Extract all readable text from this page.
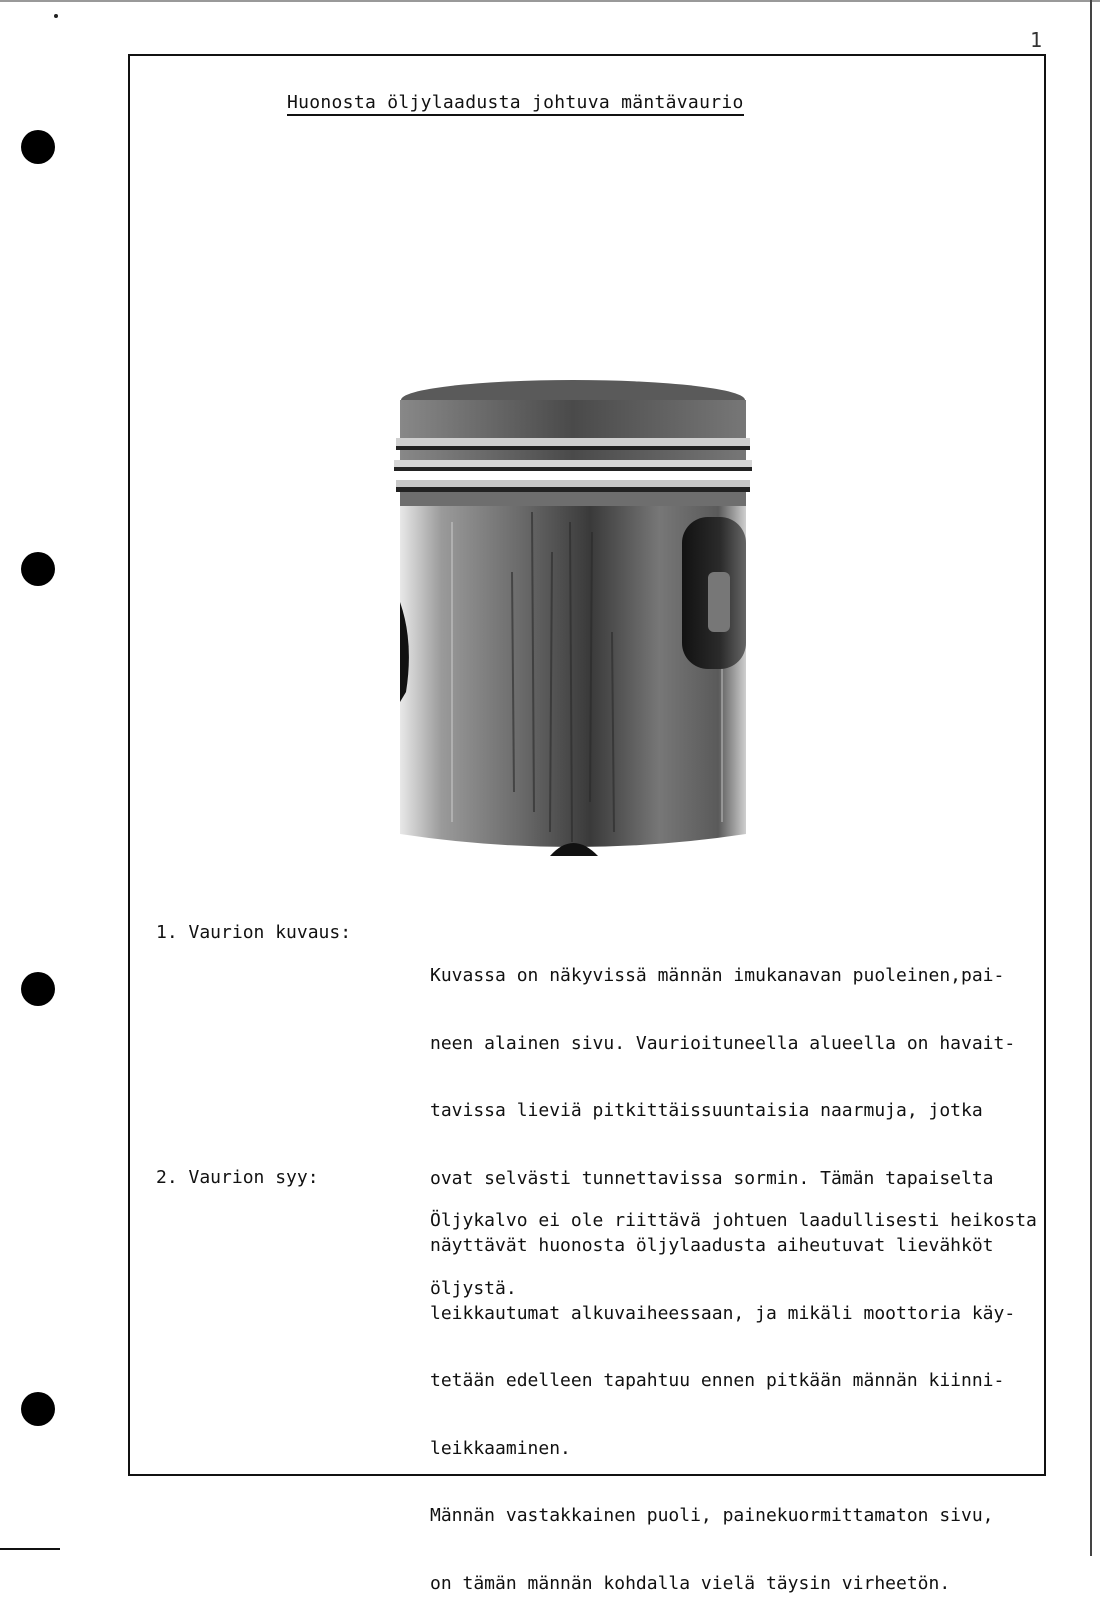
1
Huonosta öljylaadusta johtuva mäntävaurio
1. Vaurion kuvaus:

Kuvassa on näkyvissä männän imukanavan puoleinen,pai-

neen alainen sivu. Vaurioituneella alueella on havait-

tavissa lieviä pitkittäissuuntaisia naarmuja, jotka

ovat selvästi tunnettavissa sormin. Tämän tapaiselta

näyttävät huonosta öljylaadusta aiheutuvat lievähköt

leikkautumat alkuvaiheessaan, ja mikäli moottoria käy-

tetään edelleen tapahtuu ennen pitkään männän kiinni-

leikkaaminen.

Männän vastakkainen puoli, painekuormittamaton sivu,

on tämän männän kohdalla vielä täysin virheetön.

2. Vaurion syy:

Öljykalvo ei ole riittävä johtuen laadullisesti heikosta

öljystä.
